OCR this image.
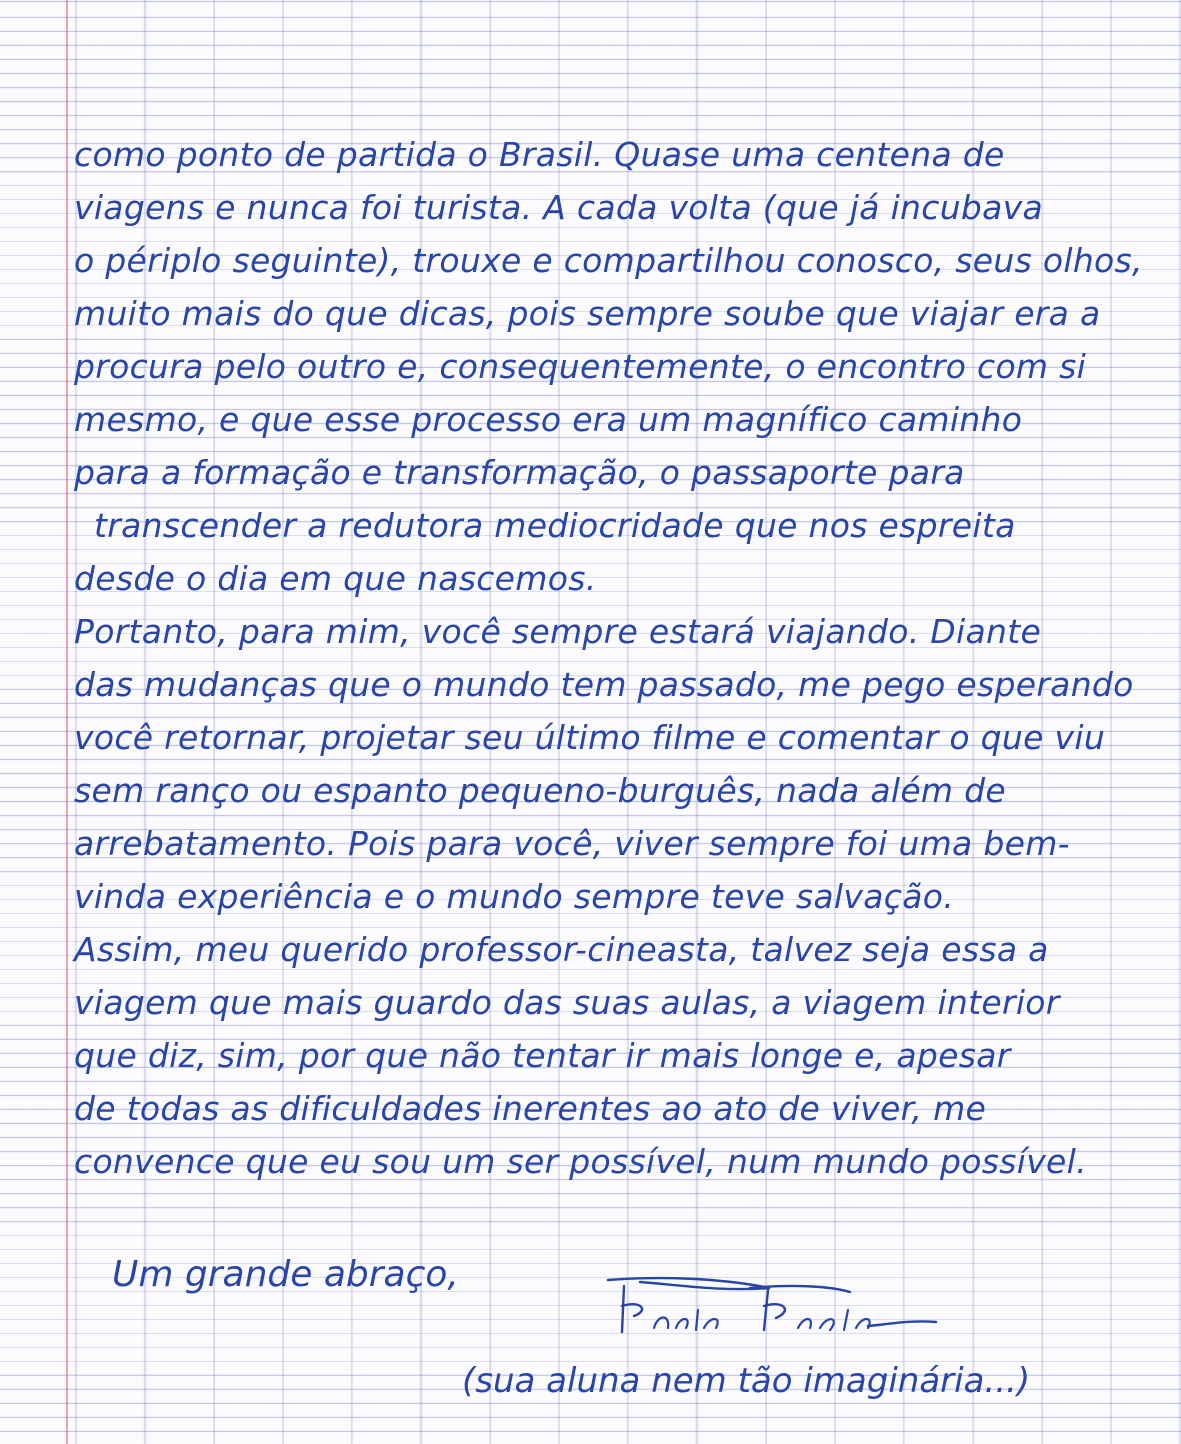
como ponto de partida o Brasil. Quase uma centena de
viagens e nunca foi turista. A cada volta (que já incubava
o périplo seguinte), trouxe e compartilhou conosco, seus olhos,
muito mais do que dicas, pois sempre soube que viajar era a
procura pelo outro e, consequentemente, o encontro com si
mesmo, e que esse processo era um magnífico caminho
para a formação e transformação, o passaporte para
transcender a redutora mediocridade que nos espreita
desde o dia em que nascemos.
Portanto, para mim, você sempre estará viajando. Diante
das mudanças que o mundo tem passado, me pego esperando
você retornar, projetar seu último filme e comentar o que viu
sem ranço ou espanto pequeno-burguês, nada além de
arrebatamento. Pois para você, viver sempre foi uma bem-
vinda experiência e o mundo sempre teve salvação.
Assim, meu querido professor-cineasta, talvez seja essa a
viagem que mais guardo das suas aulas, a viagem interior
que diz, sim, por que não tentar ir mais longe e, apesar
de todas as dificuldades inerentes ao ato de viver, me
convence que eu sou um ser possível, num mundo possível.
Um grande abraço,
(sua aluna nem tão imaginária...)
